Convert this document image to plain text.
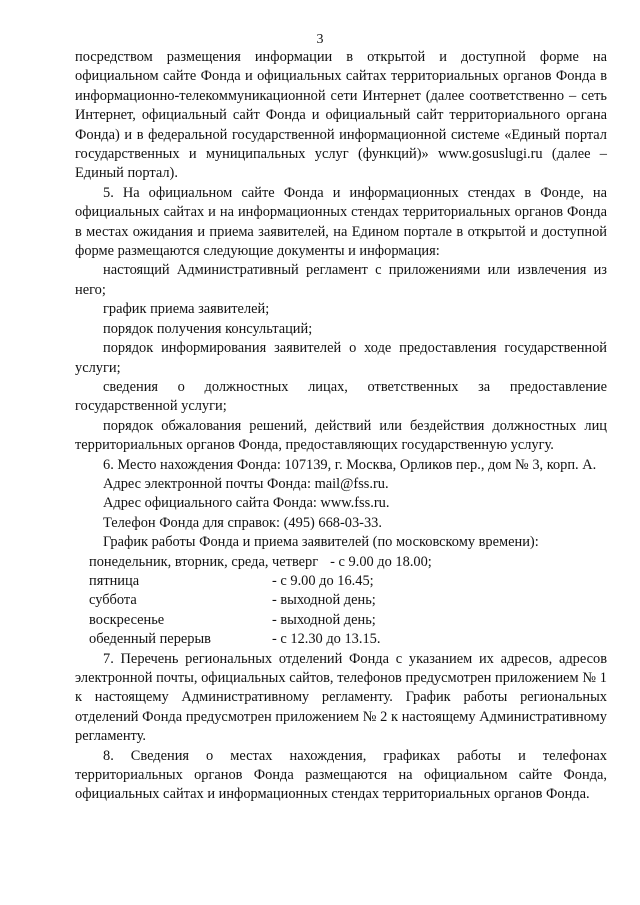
3

посредством размещения информации в открытой и доступной форме на официальном сайте Фонда и официальных сайтах территориальных органов Фонда в информационно-телекоммуникационной сети Интернет (далее соответственно – сеть Интернет, официальный сайт Фонда и официальный сайт территориального органа Фонда) и в федеральной государственной информационной системе «Единый портал государственных и муниципальных услуг (функций)» www.gosuslugi.ru (далее – Единый портал).

5. На официальном сайте Фонда и информационных стендах в Фонде, на официальных сайтах и на информационных стендах территориальных органов Фонда в местах ожидания и приема заявителей, на Едином портале в открытой и доступной форме размещаются следующие документы и информация:

настоящий Административный регламент с приложениями или извлечения из него;

график приема заявителей;

порядок получения консультаций;

порядок информирования заявителей о ходе предоставления государственной услуги;

сведения о должностных лицах, ответственных за предоставление государственной услуги;

порядок обжалования решений, действий или бездействия должностных лиц территориальных органов Фонда, предоставляющих государственную услугу.

6. Место нахождения Фонда: 107139, г. Москва, Орликов пер., дом № 3, корп. А.

Адрес электронной почты Фонда: mail@fss.ru.

Адрес официального сайта Фонда: www.fss.ru.

Телефон Фонда для справок: (495) 668-03-33.

График работы Фонда и приема заявителей (по московскому времени):

понедельник, вторник, среда, четверг - с 9.00 до 18.00;
пятница	- с 9.00 до 16.45;
суббота	- выходной день;
воскресенье	- выходной день;
обеденный перерыв	- с 12.30 до 13.15.

7. Перечень региональных отделений Фонда с указанием их адресов, адресов электронной почты, официальных сайтов, телефонов предусмотрен приложением № 1 к настоящему Административному регламенту. График работы региональных отделений Фонда предусмотрен приложением № 2 к настоящему Административному регламенту.

8. Сведения о местах нахождения, графиках работы и телефонах территориальных органов Фонда размещаются на официальном сайте Фонда, официальных сайтах и информационных стендах территориальных органов Фонда.
